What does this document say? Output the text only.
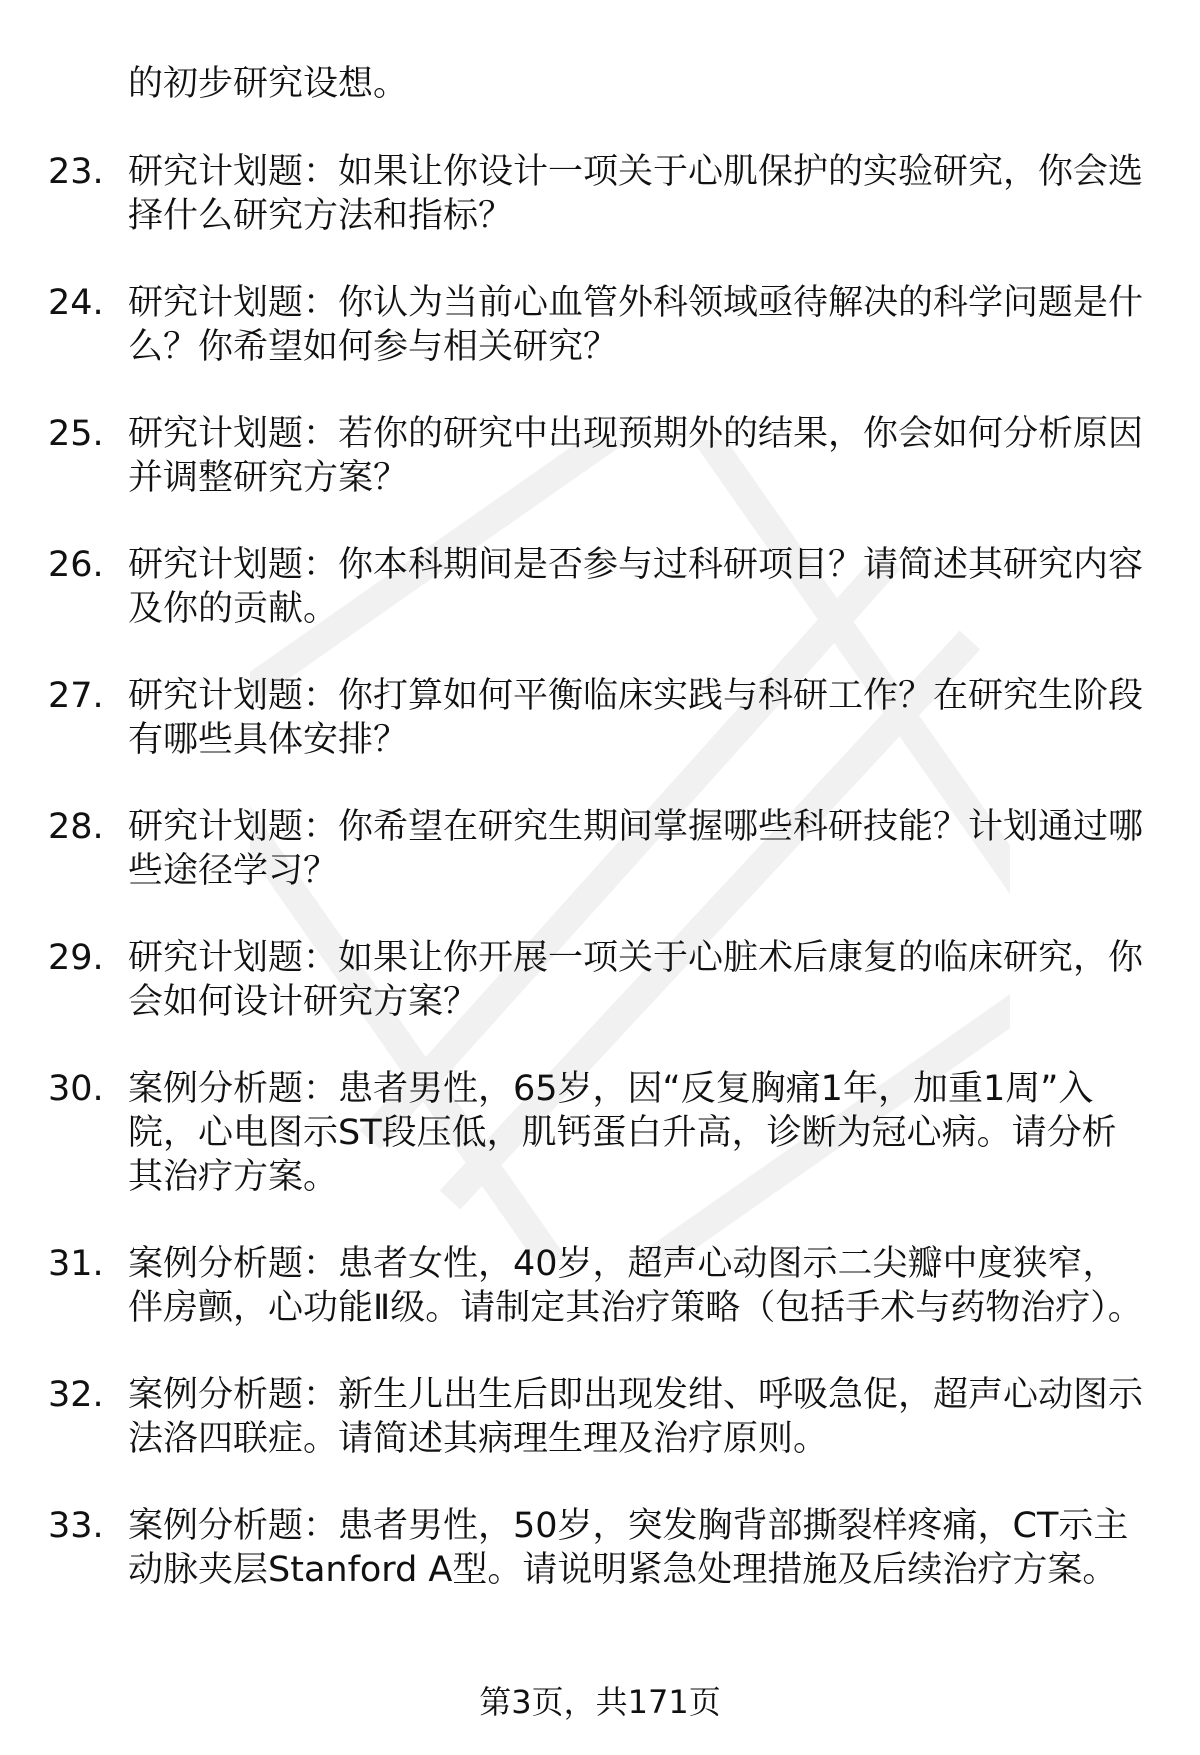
的初步研究设想。
23. 研究计划题：如果让你设计一项关于心肌保护的实验研究，你会选择什么研究方法和指标？
24. 研究计划题：你认为当前心血管外科领域亟待解决的科学问题是什么？你希望如何参与相关研究？
25. 研究计划题：若你的研究中出现预期外的结果，你会如何分析原因并调整研究方案？
26. 研究计划题：你本科期间是否参与过科研项目？请简述其研究内容及你的贡献。
27. 研究计划题：你打算如何平衡临床实践与科研工作？在研究生阶段有哪些具体安排？
28. 研究计划题：你希望在研究生期间掌握哪些科研技能？计划通过哪些途径学习？
29. 研究计划题：如果让你开展一项关于心脏术后康复的临床研究，你会如何设计研究方案？
30. 案例分析题：患者男性，65岁，因“反复胸痛1年，加重1周”入院，心电图示ST段压低，肌钙蛋白升高，诊断为冠心病。请分析其治疗方案。
31. 案例分析题：患者女性，40岁，超声心动图示二尖瓣中度狭窄，伴房颤，心功能Ⅱ级。请制定其治疗策略（包括手术与药物治疗）。
32. 案例分析题：新生儿出生后即出现发绀、呼吸急促，超声心动图示法洛四联症。请简述其病理生理及治疗原则。
33. 案例分析题：患者男性，50岁，突发胸背部撕裂样疼痛，CT示主动脉夹层Stanford A型。请说明紧急处理措施及后续治疗方案。
第3页，共171页
